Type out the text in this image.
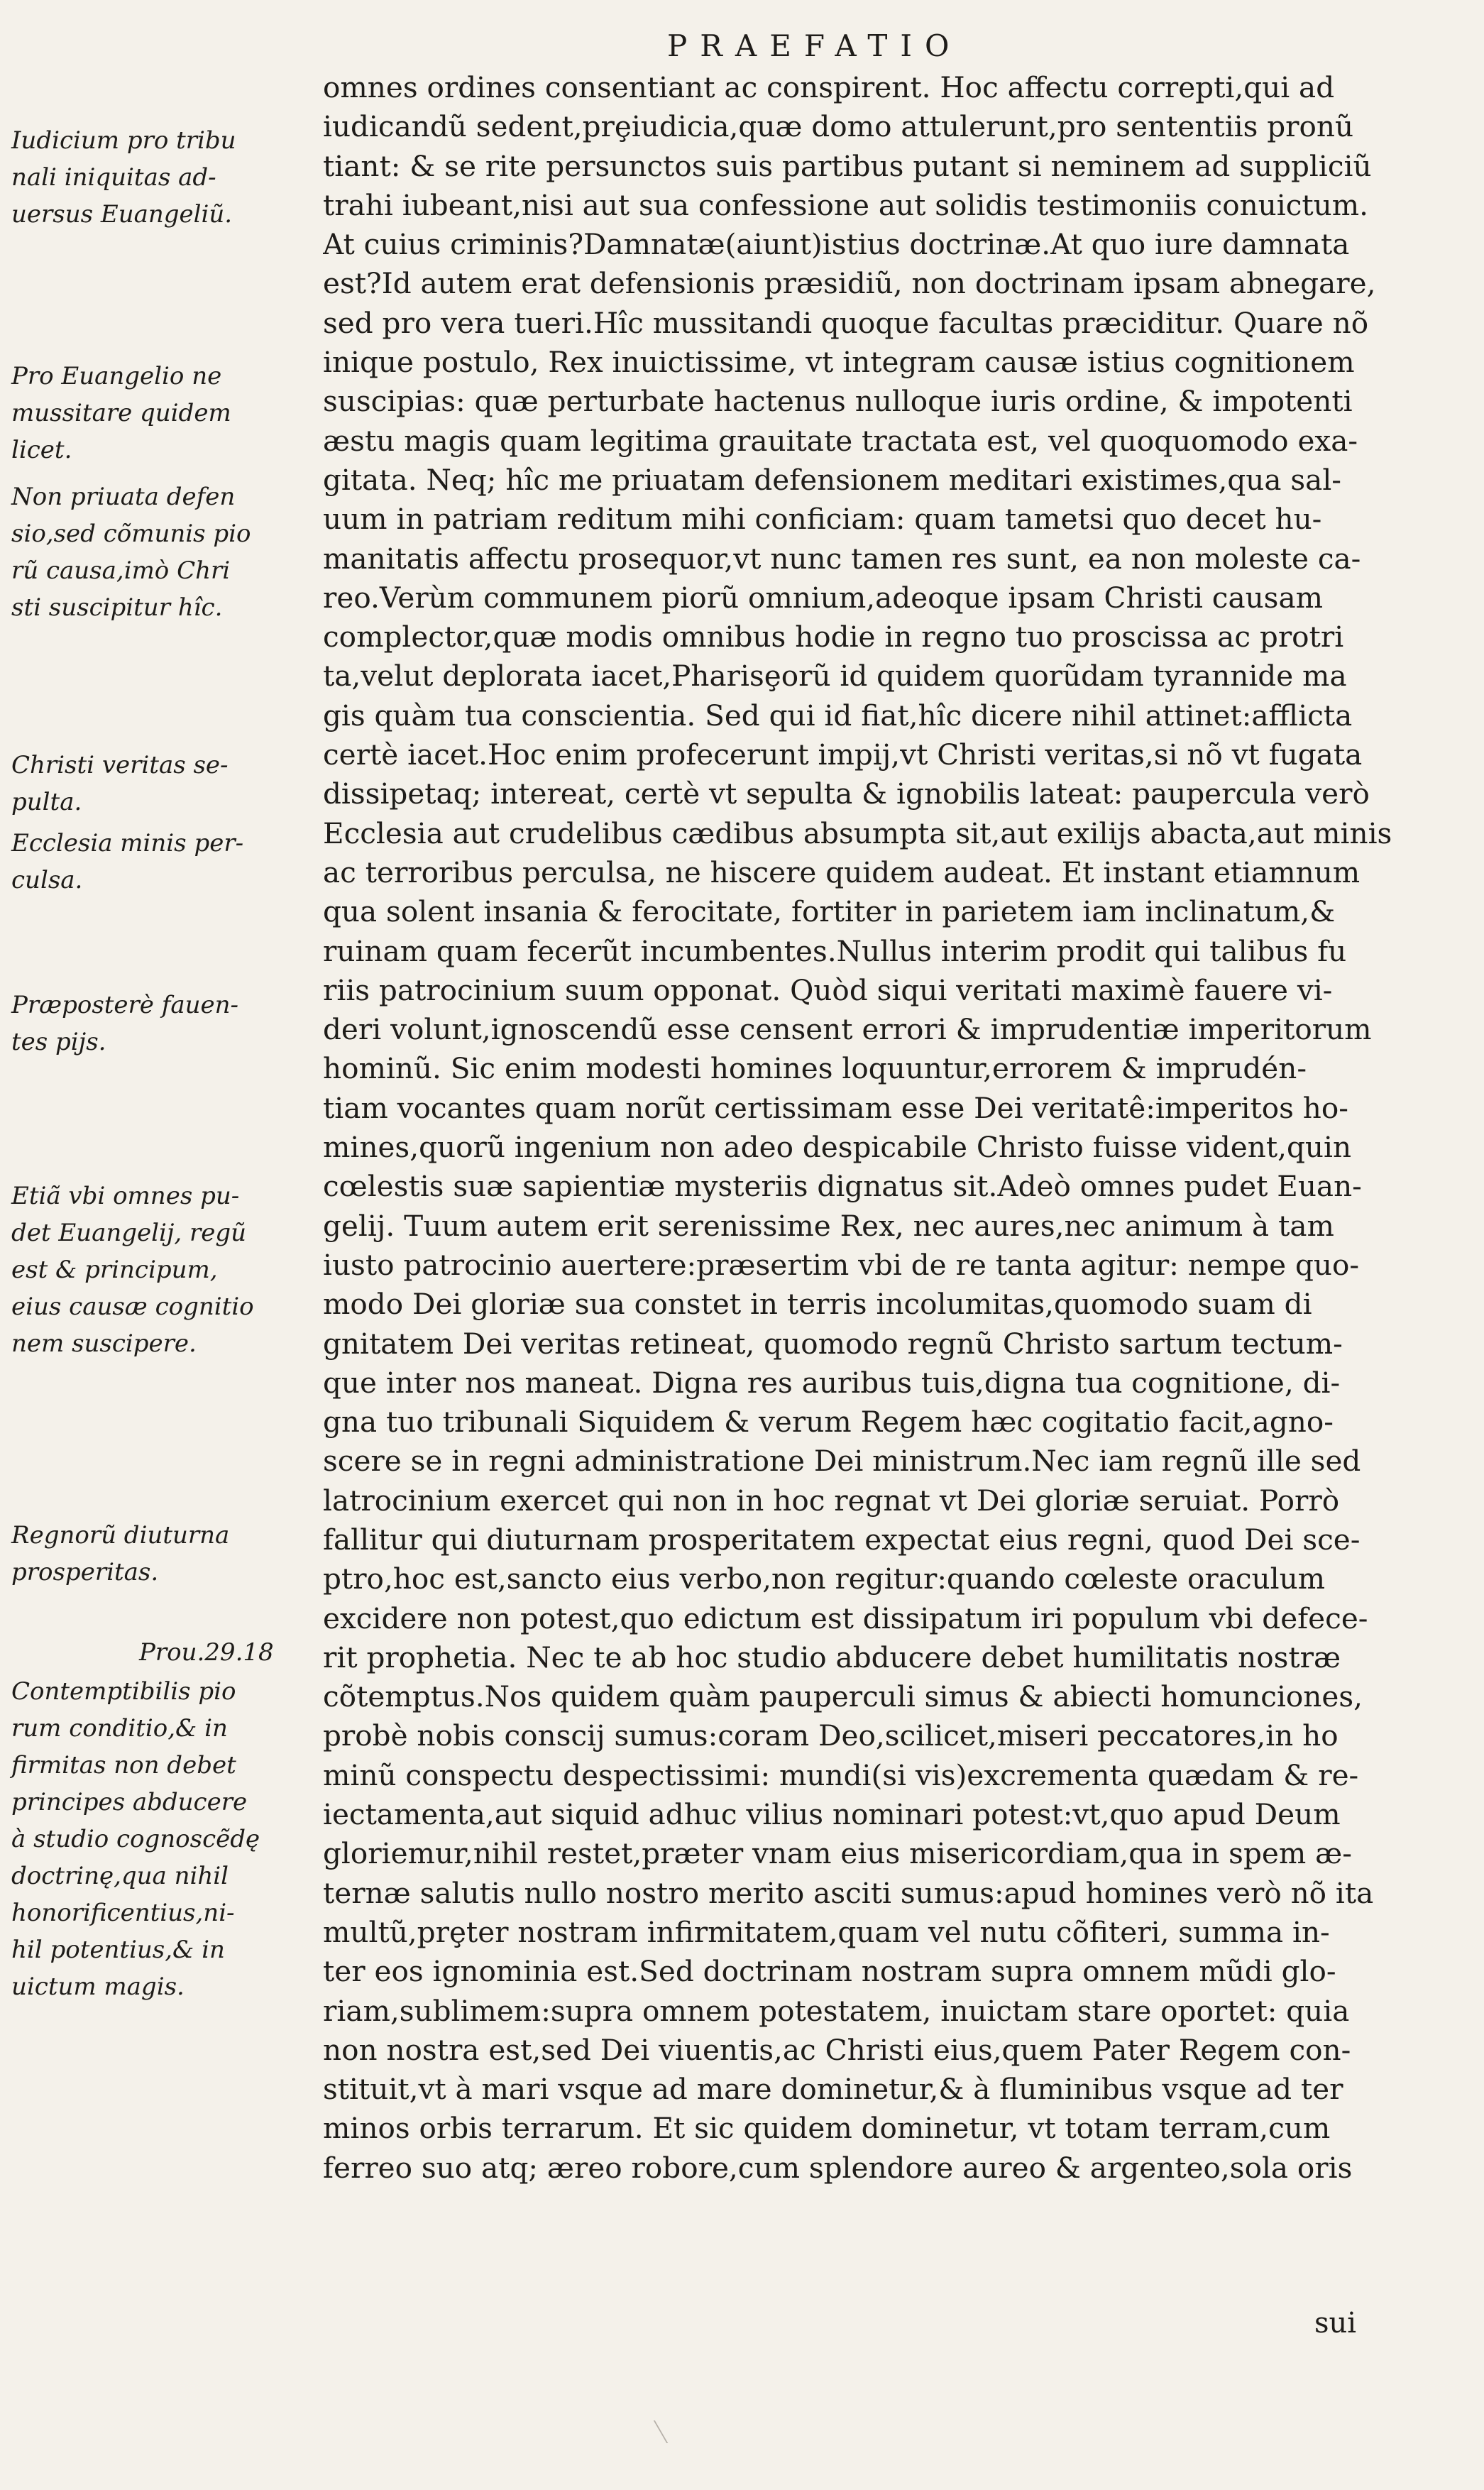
PRAEFATIO
Iudicium pro tribu
nali iniquitas ad-
uersus Euangeliũ.
Pro Euangelio ne
mussitare quidem
licet.
Non priuata defen
sio,sed cõmunis pio
rũ causa,imò Chri
sti suscipitur hîc.
Christi veritas se-
pulta.
Ecclesia minis per-
culsa.
Præposterè fauen-
tes pijs.
Etiã vbi omnes pu-
det Euangelij, regũ
est & principum,
eius causæ cognitio
nem suscipere.
Regnorũ diuturna
prosperitas.
Prou.29.18
Contemptibilis pio
rum conditio,& in
firmitas non debet
principes abducere
à studio cognoscẽdę
doctrinę,qua nihil
honorificentius,ni-
hil potentius,& in
uictum magis.
omnes ordines consentiant ac conspirent. Hoc affectu correpti,qui ad
iudicandũ sedent,prȩiudicia,quæ domo attulerunt,pro sententiis pronũ
tiant: & se rite persunctos suis partibus putant si neminem ad suppliciũ
trahi iubeant,nisi aut sua confessione aut solidis testimoniis conuictum.
At cuius criminis?Damnatæ(aiunt)istius doctrinæ.At quo iure damnata
est?Id autem erat defensionis præsidiũ, non doctrinam ipsam abnegare,
sed pro vera tueri.Hîc mussitandi quoque facultas præciditur. Quare nõ
inique postulo, Rex inuictissime, vt integram causæ istius cognitionem
suscipias: quæ perturbate hactenus nulloque iuris ordine, & impotenti
æstu magis quam legitima grauitate tractata est, vel quoquomodo exa-
gitata. Neq; hîc me priuatam defensionem meditari existimes,qua sal-
uum in patriam reditum mihi conficiam: quam tametsi quo decet hu-
manitatis affectu prosequor,vt nunc tamen res sunt, ea non moleste ca-
reo.Verùm communem piorũ omnium,adeoque ipsam Christi causam
complector,quæ modis omnibus hodie in regno tuo proscissa ac protri
ta,velut deplorata iacet,Pharisȩorũ id quidem quorũdam tyrannide ma
gis quàm tua conscientia. Sed qui id fiat,hîc dicere nihil attinet:afflicta
certè iacet.Hoc enim profecerunt impij,vt Christi veritas,si nõ vt fugata
dissipetaq; intereat, certè vt sepulta & ignobilis lateat: paupercula verò
Ecclesia aut crudelibus cædibus absumpta sit,aut exilijs abacta,aut minis
ac terroribus perculsa, ne hiscere quidem audeat. Et instant etiamnum
qua solent insania & ferocitate, fortiter in parietem iam inclinatum,&
ruinam quam fecerũt incumbentes.Nullus interim prodit qui talibus fu
riis patrocinium suum opponat. Quòd siqui veritati maximè fauere vi-
deri volunt,ignoscendũ esse censent errori & imprudentiæ imperitorum
hominũ. Sic enim modesti homines loquuntur,errorem & imprudén-
tiam vocantes quam norũt certissimam esse Dei veritatê:imperitos ho-
mines,quorũ ingenium non adeo despicabile Christo fuisse vident,quin
cœlestis suæ sapientiæ mysteriis dignatus sit.Adeò omnes pudet Euan-
gelij. Tuum autem erit serenissime Rex, nec aures,nec animum à tam
iusto patrocinio auertere:præsertim vbi de re tanta agitur: nempe quo-
modo Dei gloriæ sua constet in terris incolumitas,quomodo suam di
gnitatem Dei veritas retineat, quomodo regnũ Christo sartum tectum-
que inter nos maneat. Digna res auribus tuis,digna tua cognitione, di-
gna tuo tribunali Siquidem & verum Regem hæc cogitatio facit,agno-
scere se in regni administratione Dei ministrum.Nec iam regnũ ille sed
latrocinium exercet qui non in hoc regnat vt Dei gloriæ seruiat. Porrò
fallitur qui diuturnam prosperitatem expectat eius regni, quod Dei sce-
ptro,hoc est,sancto eius verbo,non regitur:quando cœleste oraculum
excidere non potest,quo edictum est dissipatum iri populum vbi defece-
rit prophetia. Nec te ab hoc studio abducere debet humilitatis nostræ
cõtemptus.Nos quidem quàm pauperculi simus & abiecti homunciones,
probè nobis conscij sumus:coram Deo,scilicet,miseri peccatores,in ho
minũ conspectu despectissimi: mundi(si vis)excrementa quædam & re-
iectamenta,aut siquid adhuc vilius nominari potest:vt,quo apud Deum
gloriemur,nihil restet,præter vnam eius misericordiam,qua in spem æ-
ternæ salutis nullo nostro merito asciti sumus:apud homines verò nõ ita
multũ,prȩter nostram infirmitatem,quam vel nutu cõfiteri, summa in-
ter eos ignominia est.Sed doctrinam nostram supra omnem mũdi glo-
riam,sublimem:supra omnem potestatem, inuictam stare oportet: quia
non nostra est,sed Dei viuentis,ac Christi eius,quem Pater Regem con-
stituit,vt à mari vsque ad mare dominetur,& à fluminibus vsque ad ter
minos orbis terrarum. Et sic quidem dominetur, vt totam terram,cum
ferreo suo atq; æreo robore,cum splendore aureo & argenteo,sola oris
sui
